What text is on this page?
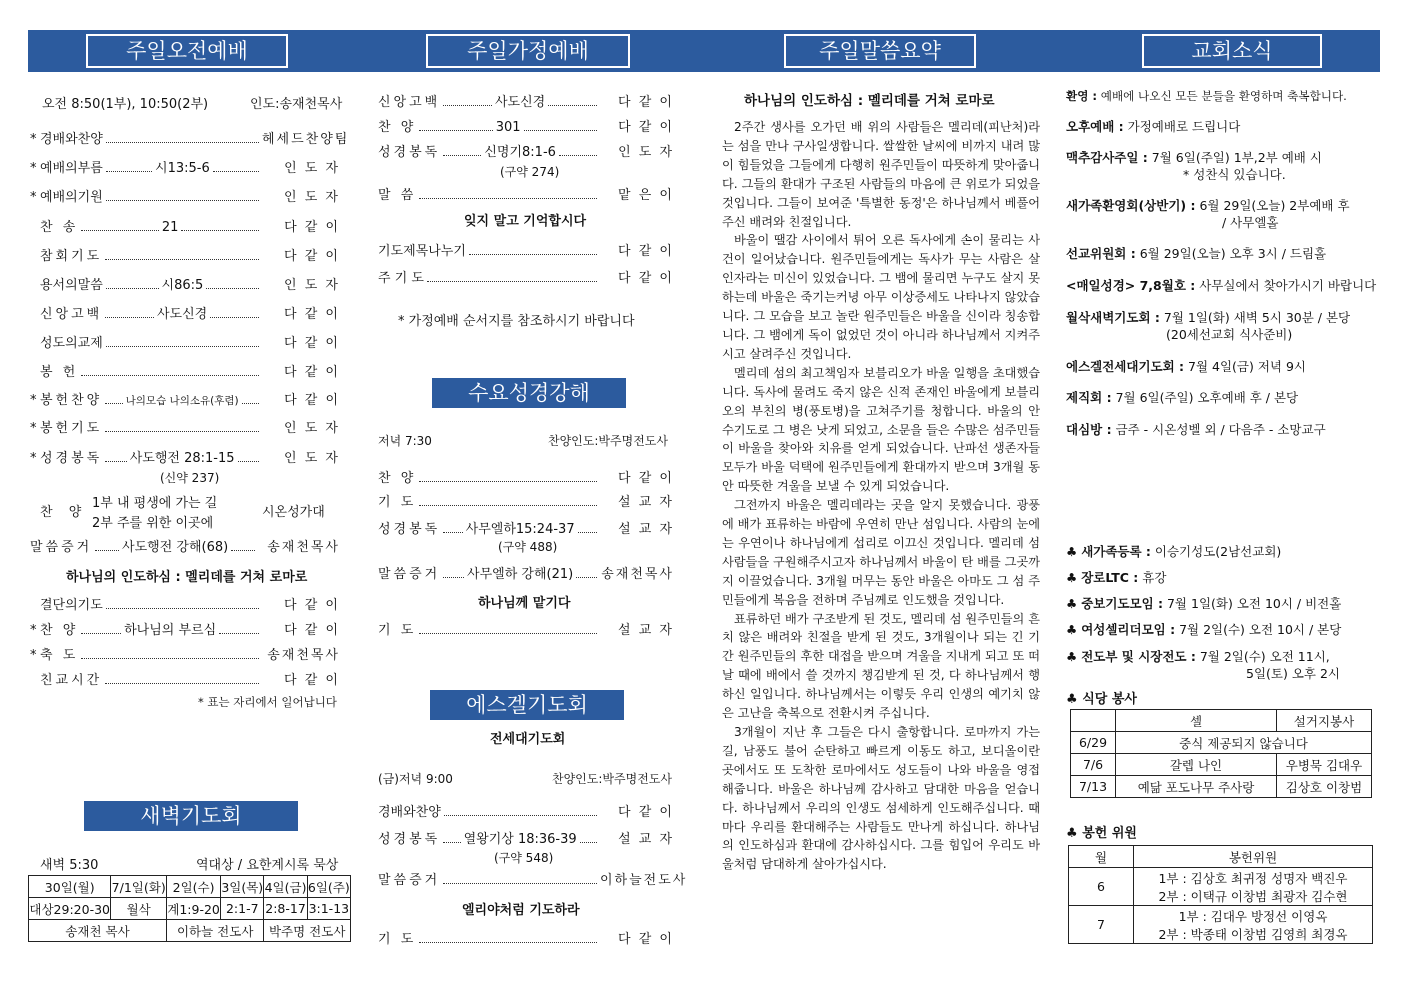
주일오전예배	주일가정예배	주일말씀요약	교회소식
새벽기도회
새벽 5:30	역대상 / 요한계시록 묵상
30일(월)	7/1일(화)	2일(수)	3일(목)	4일(금)	6일(주)
대상29:20-30	월삭	계1:9-20	2:1-7	2:8-17	3:1-13
송재천 목사		이하늘 전도사		박주명 전도사	
수요성경강해
에스겔기도회
하나님의 인도하심 : 멜리데를 거쳐 로마로

2주간 생사를 오가던 배 위의 사람들은 멜리데(피난처)라는 섬을 만나 구사일생합니다. 쌀쌀한 날씨에 비까지 내려 많이 힘들었을 그들에게 다행히 원주민들이 따뜻하게 맞아줍니다. 그들의 환대가 구조된 사람들의 마음에 큰 위로가 되었을 것입니다. 그들이 보여준 '특별한 동정'은 하나님께서 베풀어주신 배려와 친절입니다.

바울이 땔감 사이에서 튀어 오른 독사에게 손이 물리는 사건이 일어났습니다. 원주민들에게는 독사가 무는 사람은 살인자라는 미신이 있었습니다. 그 뱀에 물리면 누구도 살지 못하는데 바울은 죽기는커녕 아무 이상증세도 나타나지 않았습니다. 그 모습을 보고 놀란 원주민들은 바울을 신이라 칭송합니다. 그 뱀에게 독이 없었던 것이 아니라 하나님께서 지켜주시고 살려주신 것입니다.

멜리데 섬의 최고책임자 보블리오가 바울 일행을 초대했습니다. 독사에 물려도 죽지 않은 신적 존재인 바울에게 보블리오의 부친의 병(풍토병)을 고쳐주기를 청합니다. 바울의 안수기도로 그 병은 낫게 되었고, 소문을 들은 수많은 섬주민들이 바울을 찾아와 치유를 얻게 되었습니다. 난파선 생존자들 모두가 바울 덕택에 원주민들에게 환대까지 받으며 3개월 동안 따뜻한 겨울을 보낼 수 있게 되었습니다.

그전까지 바울은 멜리데라는 곳을 알지 못했습니다. 광풍에 배가 표류하는 바람에 우연히 만난 섬입니다. 사람의 눈에는 우연이나 하나님에게 섭리로 이끄신 것입니다. 멜리데 섬 사람들을 구원해주시고자 하나님께서 바울이 탄 배를 그곳까지 이끌었습니다. 3개월 머무는 동안 바울은 아마도 그 섬 주민들에게 복음을 전하며 주님께로 인도했을 것입니다.

표류하던 배가 구조받게 된 것도, 멜리데 섬 원주민들의 흔치 않은 배려와 친절을 받게 된 것도, 3개월이나 되는 긴 기간 원주민들의 후한 대접을 받으며 겨울을 지내게 되고 또 떠날 때에 배에서 쓸 것까지 챙김받게 된 것, 다 하나님께서 행하신 일입니다. 하나님께서는 이렇듯 우리 인생의 예기치 않은 고난을 축복으로 전환시켜 주십니다.

3개월이 지난 후 그들은 다시 출항합니다. 로마까지 가는 길, 남풍도 불어 순탄하고 빠르게 이동도 하고, 보디올이란 곳에서도 또 도착한 로마에서도 성도들이 나와 바울을 영접해줍니다. 바울은 하나님께 감사하고 담대한 마음을 얻습니다. 하나님께서 우리의 인생도 섬세하게 인도해주십니다. 때마다 우리를 환대해주는 사람들도 만나게 하십니다. 하나님의 인도하심과 환대에 감사하십시다. 그를 힘입어 우리도 바울처럼 담대하게 살아가십시다.

오전 8:50(1부), 10:50(2부)	인도:송재천목사
* 경배와찬양	헤세드찬양팀
* 예배의부름	시13:5-6	인 도 자
* 예배의기원	인 도 자
찬 송	21	다 같 이
참회기도	다 같 이
용서의말씀	시86:5	인 도 자
신앙고백	사도신경	다 같 이
성도의교제	다 같 이
봉 헌	다 같 이
* 봉헌찬양 나의모습 나의소유(후렴)	다 같 이
* 봉헌기도	인 도 자
* 성경봉독 사도행전 28:1-15	인 도 자
(신약 237)
찬 양
1부 내 평생에 가는 길
2부 주를 위한 이곳에
시온성가대
말씀증거 사도행전 강해(68)	송재천목사
하나님의 인도하심 : 멜리데를 거쳐 로마로
결단의기도	다 같 이
* 찬 양	하나님의 부르심	다 같 이
* 축 도	송재천목사
친교시간	다 같 이
* 표는 자리에서 일어납니다
신앙고백	사도신경	다 같 이
찬 양	301	다 같 이
성경봉독	신명기8:1-6	인 도 자
말 씀	맡 은 이
(구약 274)
잊지 말고 기억합시다
기도제목나누기	다 같 이
주 기 도	다 같 이
* 가정예배 순서지를 참조하시기 바랍니다
저녁 7:30	찬양인도:박주명전도사
찬 양	다 같 이
기 도	설 교 자
성경봉독 사무엘하15:24-37	설 교 자
(구약 488)
말씀증거 사무엘하 강해(21) 송재천목사
하나님께 맡기다
기 도	설 교 자
전세대기도회
(금)저녁 9:00	찬양인도:박주명전도사
경배와찬양	다 같 이
성경봉독 열왕기상 18:36-39	설 교 자
(구약 548)
말씀증거	이하늘전도사
엘리야처럼 기도하라
기 도	다 같 이
환영 : 예배에 나오신 모든 분들을 환영하며 축복합니다.
오후예배 : 가정예배로 드립니다
맥추감사주일 : 7월 6일(주일) 1부,2부 예배 시
* 성찬식 있습니다.
새가족환영회(상반기) : 6월 29일(오늘) 2부예배 후
/ 사무엘홀
선교위원회 : 6월 29일(오늘) 오후 3시 / 드림홀
<매일성경> 7,8월호 : 사무실에서 찾아가시기 바랍니다
월삭새벽기도회 : 7월 1일(화) 새벽 5시 30분 / 본당
(20세선교회 식사준비)
에스겔전세대기도회 : 7월 4일(금) 저녁 9시
제직회 : 7월 6일(주일) 오후예배 후 / 본당
대심방 : 금주 - 시온성벨 외 / 다음주 - 소망교구
♣ 새가족등록 : 이승기성도(2남선교회)
♣ 장로LTC : 휴강
♣ 중보기도모임 : 7월 1일(화) 오전 10시 / 비전홀
♣ 여성셀리더모임 : 7월 2일(수) 오전 10시 / 본당
♣ 전도부 및 시장전도 : 7월 2일(수) 오전 11시,
5일(토) 오후 2시
♣ 식당 봉사
	셀	설거지봉사
6/29	중식 제공되지 않습니다	
7/6	갈렙 나인	우병묵 김대우
7/13	예닮 포도나무 주사랑	김상호 이창범
♣ 봉헌 위원
월	봉헌위원
6	1부 : 김상호 최귀정 성명자 백진우
2부 : 이택규 이창범 최광자 김수현

7	1부 : 김대우 방정선 이영옥
2부 : 박종태 이창범 김영희 최경옥
